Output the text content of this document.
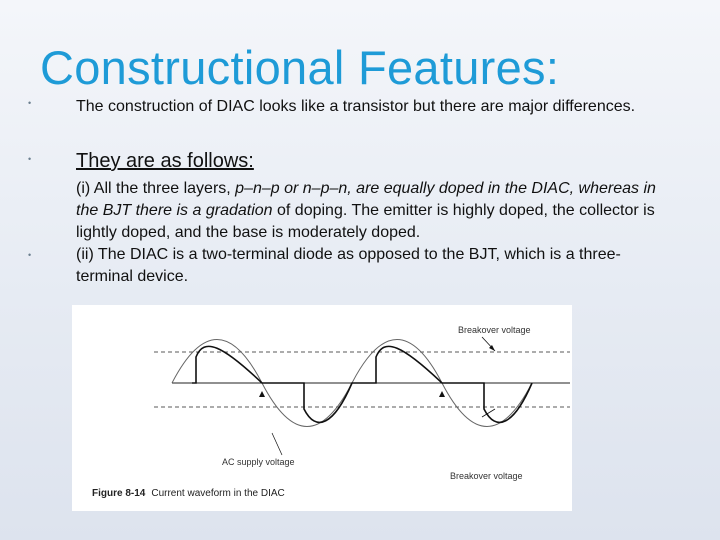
Constructional Features:
•	The construction of DIAC looks like a transistor but there are major differences.
• They are as follows:
•
(i) All the three layers, p–n–p or n–p–n, are equally doped in the DIAC, whereas in the BJT there is a gradation of doping. The emitter is highly doped, the collector is lightly doped, and the base is moderately doped.
(ii) The DIAC is a two-terminal diode as opposed to the BJT, which is a three-terminal device.
Breakover voltage
AC supply voltage
Breakover voltage
Figure 8-14 Current waveform in the DIAC
